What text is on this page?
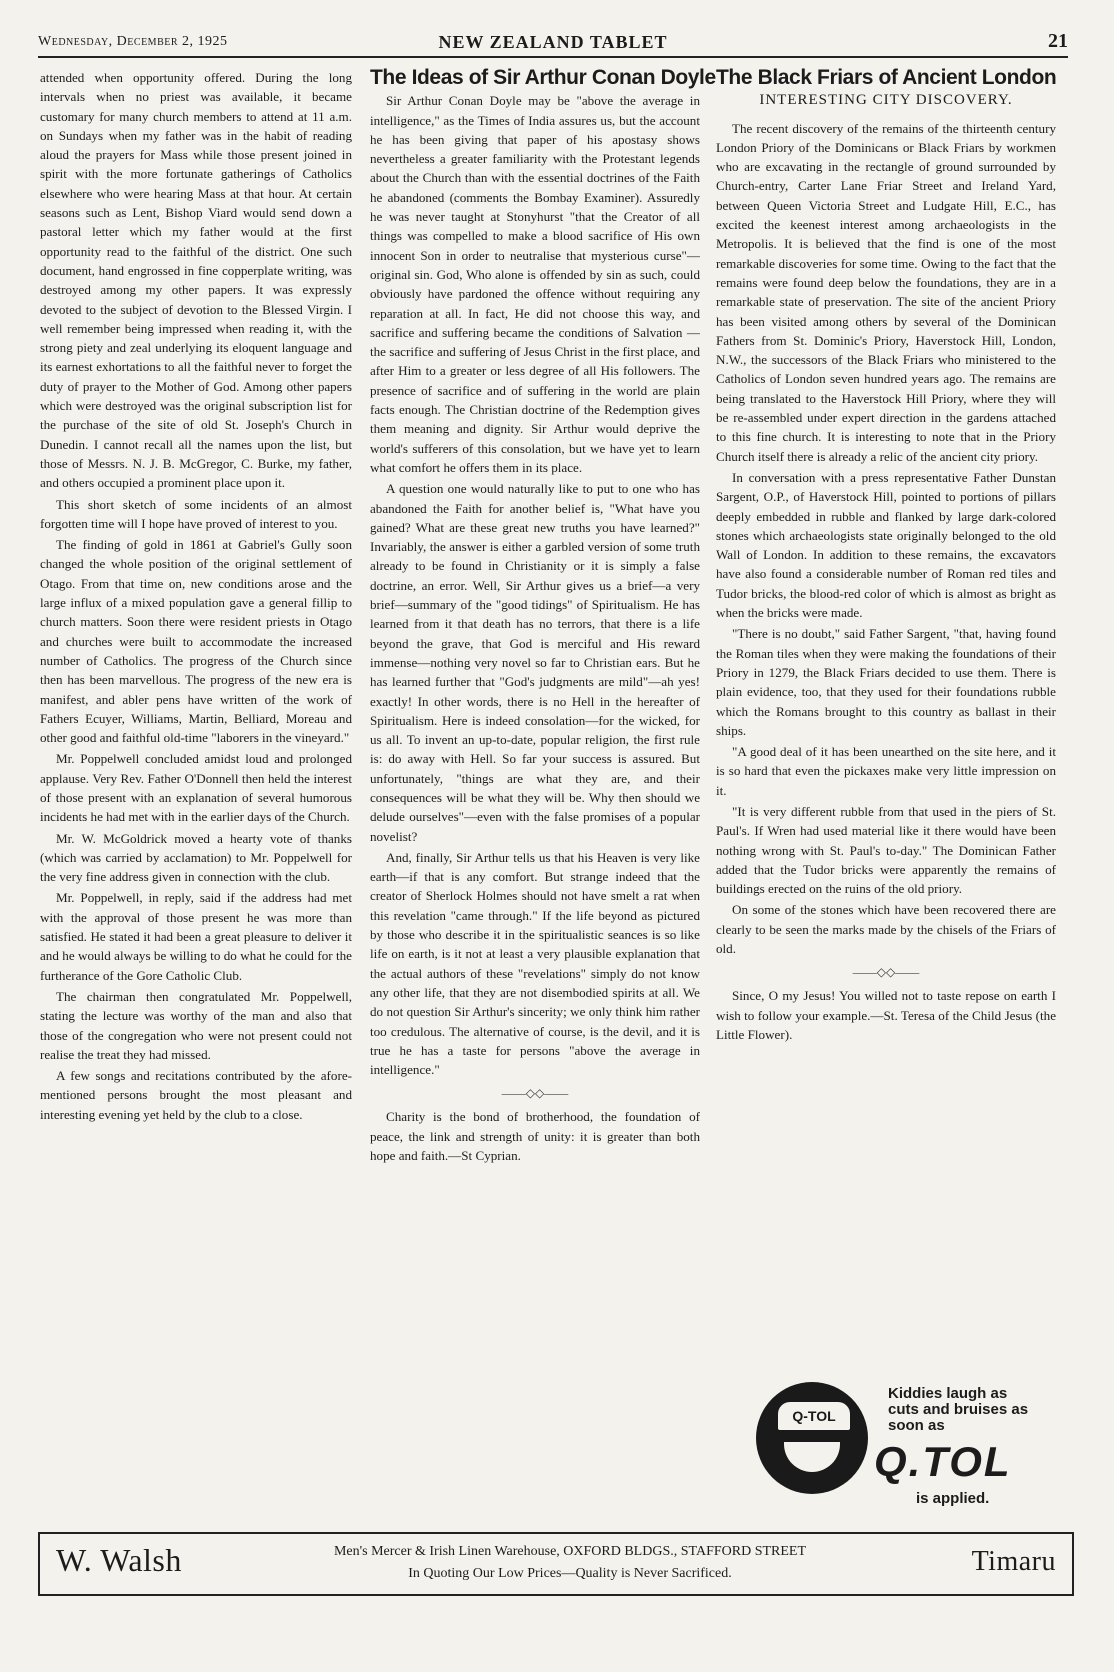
Wednesday, December 2, 1925	NEW ZEALAND TABLET	21

attended when opportunity offered. During the long intervals when no priest was available, it became customary for many church members to attend at 11 a.m. on Sundays when my father was in the habit of reading aloud the prayers for Mass while those present joined in spirit with the more fortunate gatherings of Catholics elsewhere who were hearing Mass at that hour. At certain seasons such as Lent, Bishop Viard would send down a pastoral letter which my father would at the first opportunity read to the faithful of the district. One such document, hand engrossed in fine copperplate writing, was destroyed among my other papers. It was expressly devoted to the subject of devotion to the Blessed Virgin. I well remember being impressed when reading it, with the strong piety and zeal underlying its eloquent language and its earnest exhortations to all the faithful never to forget the duty of prayer to the Mother of God. Among other papers which were destroyed was the original subscription list for the purchase of the site of old St. Joseph's Church in Dunedin. I cannot recall all the names upon the list, but those of Messrs. N. J. B. McGregor, C. Burke, my father, and others occupied a prominent place upon it.

This short sketch of some incidents of an almost forgotten time will I hope have proved of interest to you.

The finding of gold in 1861 at Gabriel's Gully soon changed the whole position of the original settlement of Otago. From that time on, new conditions arose and the large influx of a mixed population gave a general fillip to church matters. Soon there were resident priests in Otago and churches were built to accommodate the increased number of Catholics. The progress of the Church since then has been marvellous. The progress of the new era is manifest, and abler pens have written of the work of Fathers Ecuyer, Williams, Martin, Belliard, Moreau and other good and faithful old-time "laborers in the vineyard."

Mr. Poppelwell concluded amidst loud and prolonged applause. Very Rev. Father O'Donnell then held the interest of those present with an explanation of several humorous incidents he had met with in the earlier days of the Church.

Mr. W. McGoldrick moved a hearty vote of thanks (which was carried by acclamation) to Mr. Poppelwell for the very fine address given in connection with the club.

Mr. Poppelwell, in reply, said if the address had met with the approval of those present he was more than satisfied. He stated it had been a great pleasure to deliver it and he would always be willing to do what he could for the furtherance of the Gore Catholic Club.

The chairman then congratulated Mr. Poppelwell, stating the lecture was worthy of the man and also that those of the congregation who were not present could not realise the treat they had missed.

A few songs and recitations contributed by the afore-mentioned persons brought the most pleasant and interesting evening yet held by the club to a close.

The Ideas of Sir Arthur Conan Doyle

Sir Arthur Conan Doyle may be "above the average in intelligence," as the Times of India assures us, but the account he has been giving that paper of his apostasy shows nevertheless a greater familiarity with the Protestant legends about the Church than with the essential doctrines of the Faith he abandoned (comments the Bombay Examiner). Assuredly he was never taught at Stonyhurst "that the Creator of all things was compelled to make a blood sacrifice of His own innocent Son in order to neutralise that mysterious curse"—original sin. God, Who alone is offended by sin as such, could obviously have pardoned the offence without requiring any reparation at all. In fact, He did not choose this way, and sacrifice and suffering became the conditions of Salvation —the sacrifice and suffering of Jesus Christ in the first place, and after Him to a greater or less degree of all His followers. The presence of sacrifice and of suffering in the world are plain facts enough. The Christian doctrine of the Redemption gives them meaning and dignity. Sir Arthur would deprive the world's sufferers of this consolation, but we have yet to learn what comfort he offers them in its place.

A question one would naturally like to put to one who has abandoned the Faith for another belief is, "What have you gained? What are these great new truths you have learned?" Invariably, the answer is either a garbled version of some truth already to be found in Christianity or it is simply a false doctrine, an error. Well, Sir Arthur gives us a brief—a very brief—summary of the "good tidings" of Spiritualism. He has learned from it that death has no terrors, that there is a life beyond the grave, that God is merciful and His reward immense—nothing very novel so far to Christian ears. But he has learned further that "God's judgments are mild"—ah yes! exactly! In other words, there is no Hell in the hereafter of Spiritualism. Here is indeed consolation—for the wicked, for us all. To invent an up-to-date, popular religion, the first rule is: do away with Hell. So far your success is assured. But unfortunately, "things are what they are, and their consequences will be what they will be. Why then should we delude ourselves"—even with the false promises of a popular novelist?

And, finally, Sir Arthur tells us that his Heaven is very like earth—if that is any comfort. But strange indeed that the creator of Sherlock Holmes should not have smelt a rat when this revelation "came through." If the life beyond as pictured by those who describe it in the spiritualistic seances is so like life on earth, is it not at least a very plausible explanation that the actual authors of these "revelations" simply do not know any other life, that they are not disembodied spirits at all. We do not question Sir Arthur's sincerity; we only think him rather too credulous. The alternative of course, is the devil, and it is true he has a taste for persons "above the average in intelligence."

——◇◇——

Charity is the bond of brotherhood, the foundation of peace, the link and strength of unity: it is greater than both hope and faith.—St Cyprian.

The Black Friars of Ancient London
INTERESTING CITY DISCOVERY.

The recent discovery of the remains of the thirteenth century London Priory of the Dominicans or Black Friars by workmen who are excavating in the rectangle of ground surrounded by Church-entry, Carter Lane Friar Street and Ireland Yard, between Queen Victoria Street and Ludgate Hill, E.C., has excited the keenest interest among archaeologists in the Metropolis. It is believed that the find is one of the most remarkable discoveries for some time. Owing to the fact that the remains were found deep below the foundations, they are in a remarkable state of preservation. The site of the ancient Priory has been visited among others by several of the Dominican Fathers from St. Dominic's Priory, Haverstock Hill, London, N.W., the successors of the Black Friars who ministered to the Catholics of London seven hundred years ago. The remains are being translated to the Haverstock Hill Priory, where they will be re-assembled under expert direction in the gardens attached to this fine church. It is interesting to note that in the Priory Church itself there is already a relic of the ancient city priory.

In conversation with a press representative Father Dunstan Sargent, O.P., of Haverstock Hill, pointed to portions of pillars deeply embedded in rubble and flanked by large dark-colored stones which archaeologists state originally belonged to the old Wall of London. In addition to these remains, the excavators have also found a considerable number of Roman red tiles and Tudor bricks, the blood-red color of which is almost as bright as when the bricks were made.

"There is no doubt," said Father Sargent, "that, having found the Roman tiles when they were making the foundations of their Priory in 1279, the Black Friars decided to use them. There is plain evidence, too, that they used for their foundations rubble which the Romans brought to this country as ballast in their ships.

"A good deal of it has been unearthed on the site here, and it is so hard that even the pickaxes make very little impression on it.

"It is very different rubble from that used in the piers of St. Paul's. If Wren had used material like it there would have been nothing wrong with St. Paul's to-day." The Dominican Father added that the Tudor bricks were apparently the remains of buildings erected on the ruins of the old priory.

On some of the stones which have been recovered there are clearly to be seen the marks made by the chisels of the Friars of old.

——◇◇——

Since, O my Jesus! You willed not to taste repose on earth I wish to follow your example.—St. Teresa of the Child Jesus (the Little Flower).

Q-TOL
Kiddies laugh as cuts and bruises as soon as
Q.TOL
is applied.
W. Walsh	Men's Mercer & Irish Linen Warehouse, OXFORD BLDGS., STAFFORD STREET
In Quoting Our Low Prices—Quality is Never Sacrificed.	Timaru
